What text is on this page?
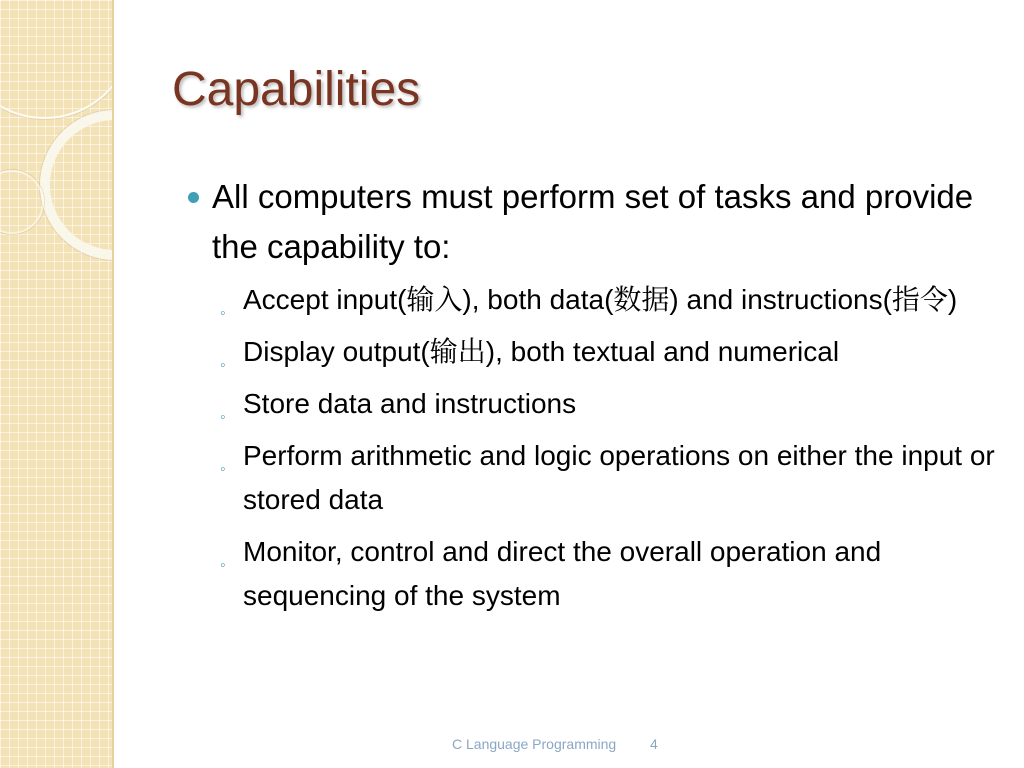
Capabilities
All computers must perform set of tasks and provide the capability to:
◦ Accept input(输入), both data(数据) and instructions(指令)
◦ Display output(输出), both textual and numerical
◦ Store data and instructions
◦ Perform arithmetic and logic operations on either the input or stored data
◦ Monitor, control and direct the overall operation and sequencing of the system
C Language Programming 4
